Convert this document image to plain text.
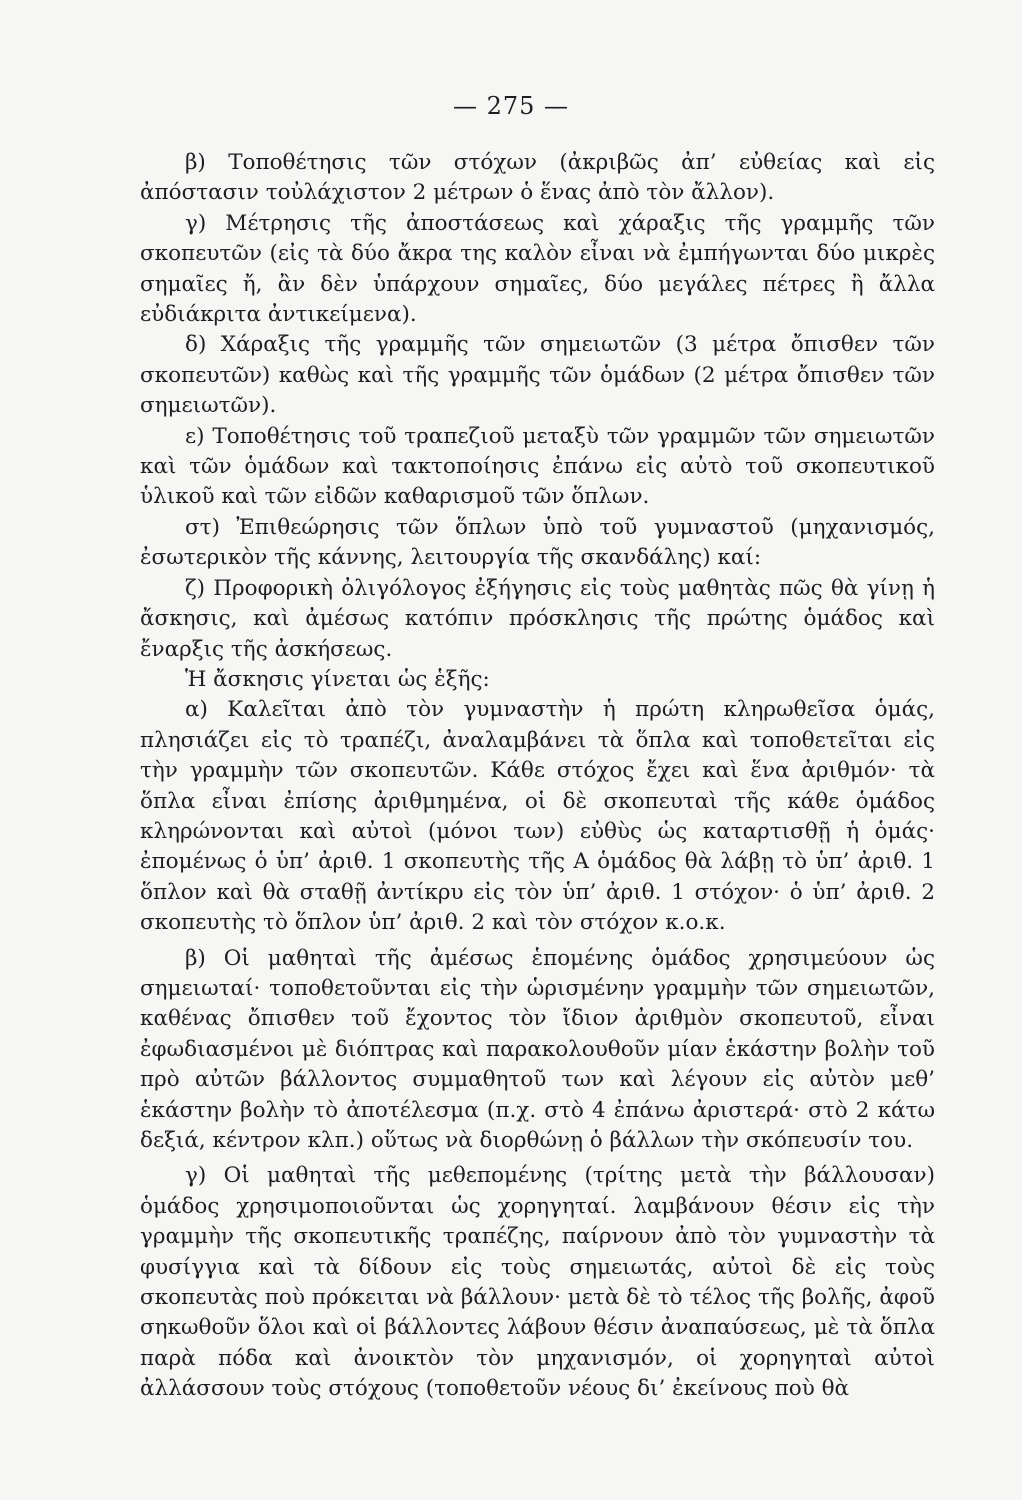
— 275 —

β) Τοποθέτησις τῶν στόχων (ἀκριβῶς ἀπ’ εὐθείας καὶ εἰς ἀπόστασιν τοὐλάχιστον 2 μέτρων ὁ ἕνας ἀπὸ τὸν ἄλλον).

γ) Μέτρησις τῆς ἀποστάσεως καὶ χάραξις τῆς γραμμῆς τῶν σκοπευτῶν (εἰς τὰ δύο ἄκρα της καλὸν εἶναι νὰ ἐμπήγωνται δύο μικρὲς σημαῖες ἤ, ἂν δὲν ὑπάρχουν σημαῖες, δύο μεγάλες πέτρες ἢ ἄλλα εὐδιάκριτα ἀντικείμενα).

δ) Χάραξις τῆς γραμμῆς τῶν σημειωτῶν (3 μέτρα ὄπισθεν τῶν σκοπευτῶν) καθὼς καὶ τῆς γραμμῆς τῶν ὁμάδων (2 μέτρα ὄπισθεν τῶν σημειωτῶν).

ε) Τοποθέτησις τοῦ τραπεζιοῦ μεταξὺ τῶν γραμμῶν τῶν σημειωτῶν καὶ τῶν ὁμάδων καὶ τακτοποίησις ἐπάνω εἰς αὐτὸ τοῦ σκοπευτικοῦ ὑλικοῦ καὶ τῶν εἰδῶν καθαρισμοῦ τῶν ὅπλων.

στ) Ἐπιθεώρησις τῶν ὅπλων ὑπὸ τοῦ γυμναστοῦ (μηχανισμός, ἐσωτερικὸν τῆς κάννης, λειτουργία τῆς σκανδάλης) καί:

ζ) Προφορικὴ ὀλιγόλογος ἐξήγησις εἰς τοὺς μαθητὰς πῶς θὰ γίνῃ ἡ ἄσκησις, καὶ ἀμέσως κατόπιν πρόσκλησις τῆς πρώτης ὁμάδος καὶ ἔναρξις τῆς ἀσκήσεως.

Ἡ ἄσκησις γίνεται ὡς ἑξῆς:

α) Καλεῖται ἀπὸ τὸν γυμναστὴν ἡ πρώτη κληρωθεῖσα ὁμάς, πλησιάζει εἰς τὸ τραπέζι, ἀναλαμβάνει τὰ ὅπλα καὶ τοποθετεῖται εἰς τὴν γραμμὴν τῶν σκοπευτῶν. Κάθε στόχος ἔχει καὶ ἕνα ἀριθμόν· τὰ ὅπλα εἶναι ἐπίσης ἀριθμημένα, οἱ δὲ σκοπευταὶ τῆς κάθε ὁμάδος κληρώνονται καὶ αὐτοὶ (μόνοι των) εὐθὺς ὡς καταρτισθῇ ἡ ὁμάς· ἐπομένως ὁ ὑπ’ ἀριθ. 1 σκοπευτὴς τῆς Α ὁμάδος θὰ λάβῃ τὸ ὑπ’ ἀριθ. 1 ὅπλον καὶ θὰ σταθῇ ἀντίκρυ εἰς τὸν ὑπ’ ἀριθ. 1 στόχον· ὁ ὑπ’ ἀριθ. 2 σκοπευτὴς τὸ ὅπλον ὑπ’ ἀριθ. 2 καὶ τὸν στόχον κ.ο.κ.

β) Οἱ μαθηταὶ τῆς ἀμέσως ἑπομένης ὁμάδος χρησιμεύουν ὡς σημειωταί· τοποθετοῦνται εἰς τὴν ὡρισμένην γραμμὴν τῶν σημειωτῶν, καθένας ὄπισθεν τοῦ ἔχοντος τὸν ἴδιον ἀριθμὸν σκοπευτοῦ, εἶναι ἐφωδιασμένοι μὲ διόπτρας καὶ παρακολουθοῦν μίαν ἑκάστην βολὴν τοῦ πρὸ αὐτῶν βάλλοντος συμμαθητοῦ των καὶ λέγουν εἰς αὐτὸν μεθ’ ἑκάστην βολὴν τὸ ἀποτέλεσμα (π.χ. στὸ 4 ἐπάνω ἀριστερά· στὸ 2 κάτω δεξιά, κέντρον κλπ.) οὕτως νὰ διορθώνῃ ὁ βάλλων τὴν σκόπευσίν του.

γ) Οἱ μαθηταὶ τῆς μεθεπομένης (τρίτης μετὰ τὴν βάλλουσαν) ὁμάδος χρησιμοποιοῦνται ὡς χορηγηταί. λαμβάνουν θέσιν εἰς τὴν γραμμὴν τῆς σκοπευτικῆς τραπέζης, παίρνουν ἀπὸ τὸν γυμναστὴν τὰ φυσίγγια καὶ τὰ δίδουν εἰς τοὺς σημειωτάς, αὐτοὶ δὲ εἰς τοὺς σκοπευτὰς ποὺ πρόκειται νὰ βάλλουν· μετὰ δὲ τὸ τέλος τῆς βολῆς, ἀφοῦ σηκωθοῦν ὅλοι καὶ οἱ βάλλοντες λάβουν θέσιν ἀναπαύσεως, μὲ τὰ ὅπλα παρὰ πόδα καὶ ἀνοικτὸν τὸν μηχανισμόν, οἱ χορηγηταὶ αὐτοὶ ἀλλάσσουν τοὺς στόχους (τοποθετοῦν νέους δι’ ἐκείνους ποὺ θὰ
